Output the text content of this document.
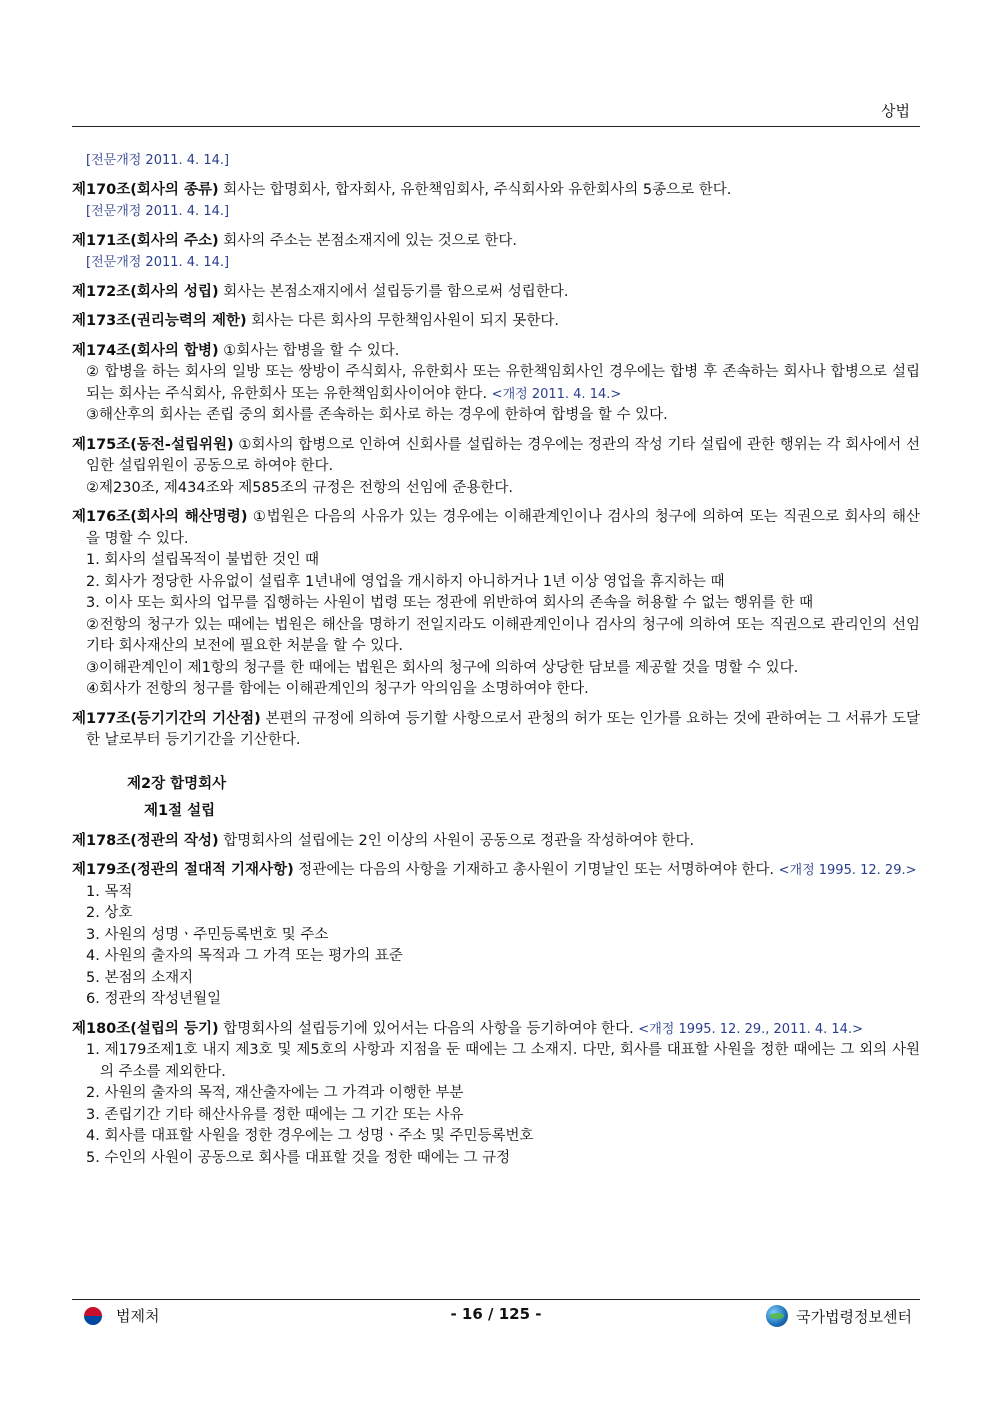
상법

[전문개정 2011. 4. 14.]

제170조(회사의 종류) 회사는 합명회사, 합자회사, 유한책임회사, 주식회사와 유한회사의 5종으로 한다.

[전문개정 2011. 4. 14.]

제171조(회사의 주소) 회사의 주소는 본점소재지에 있는 것으로 한다.

[전문개정 2011. 4. 14.]

제172조(회사의 성립) 회사는 본점소재지에서 설립등기를 함으로써 성립한다.

제173조(권리능력의 제한) 회사는 다른 회사의 무한책임사원이 되지 못한다.

제174조(회사의 합병) ①회사는 합병을 할 수 있다.

② 합병을 하는 회사의 일방 또는 쌍방이 주식회사, 유한회사 또는 유한책임회사인 경우에는 합병 후 존속하는 회사나 합병으로 설립되는 회사는 주식회사, 유한회사 또는 유한책임회사이어야 한다. <개정 2011. 4. 14.>

③해산후의 회사는 존립 중의 회사를 존속하는 회사로 하는 경우에 한하여 합병을 할 수 있다.

제175조(동전-설립위원) ①회사의 합병으로 인하여 신회사를 설립하는 경우에는 정관의 작성 기타 설립에 관한 행위는 각 회사에서 선임한 설립위원이 공동으로 하여야 한다.

②제230조, 제434조와 제585조의 규정은 전항의 선임에 준용한다.

제176조(회사의 해산명령) ①법원은 다음의 사유가 있는 경우에는 이해관계인이나 검사의 청구에 의하여 또는 직권으로 회사의 해산을 명할 수 있다.

1. 회사의 설립목적이 불법한 것인 때

2. 회사가 정당한 사유없이 설립후 1년내에 영업을 개시하지 아니하거나 1년 이상 영업을 휴지하는 때

3. 이사 또는 회사의 업무를 집행하는 사원이 법령 또는 정관에 위반하여 회사의 존속을 허용할 수 없는 행위를 한 때

②전항의 청구가 있는 때에는 법원은 해산을 명하기 전일지라도 이해관계인이나 검사의 청구에 의하여 또는 직권으로 관리인의 선임 기타 회사재산의 보전에 필요한 처분을 할 수 있다.

③이해관계인이 제1항의 청구를 한 때에는 법원은 회사의 청구에 의하여 상당한 담보를 제공할 것을 명할 수 있다.

④회사가 전항의 청구를 함에는 이해관계인의 청구가 악의임을 소명하여야 한다.

제177조(등기기간의 기산점) 본편의 규정에 의하여 등기할 사항으로서 관청의 허가 또는 인가를 요하는 것에 관하여는 그 서류가 도달한 날로부터 등기기간을 기산한다.

제2장 합명회사

제1절 설립

제178조(정관의 작성) 합명회사의 설립에는 2인 이상의 사원이 공동으로 정관을 작성하여야 한다.

제179조(정관의 절대적 기재사항) 정관에는 다음의 사항을 기재하고 총사원이 기명날인 또는 서명하여야 한다. <개정 1995. 12. 29.>

1. 목적

2. 상호

3. 사원의 성명ㆍ주민등록번호 및 주소

4. 사원의 출자의 목적과 그 가격 또는 평가의 표준

5. 본점의 소재지

6. 정관의 작성년월일

제180조(설립의 등기) 합명회사의 설립등기에 있어서는 다음의 사항을 등기하여야 한다. <개정 1995. 12. 29., 2011. 4. 14.>

1. 제179조제1호 내지 제3호 및 제5호의 사항과 지점을 둔 때에는 그 소재지. 다만, 회사를 대표할 사원을 정한 때에는 그 외의 사원의 주소를 제외한다.

2. 사원의 출자의 목적, 재산출자에는 그 가격과 이행한 부분

3. 존립기간 기타 해산사유를 정한 때에는 그 기간 또는 사유

4. 회사를 대표할 사원을 정한 경우에는 그 성명ㆍ주소 및 주민등록번호

5. 수인의 사원이 공동으로 회사를 대표할 것을 정한 때에는 그 규정

법제처	- 16 / 125 -	국가법령정보센터
